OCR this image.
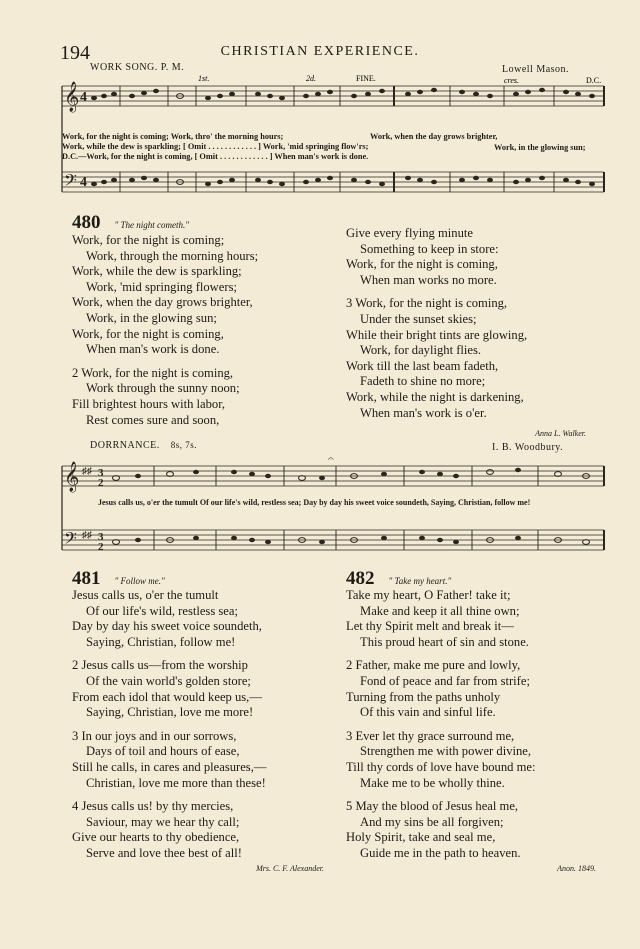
194	CHRISTIAN EXPERIENCE.
WORK SONG. P. M.	Lowell Mason.
𝄞
𝄢
4
4
1st.	2d.	FINE.	cres.	D.C.
Work, for the night is coming; Work, thro' the morning hours;
Work, while the dew is sparkling; [ Omit . . . . . . . . . . . . ] Work, 'mid springing flow'rs;
D.C.—Work, for the night is coming, [ Omit . . . . . . . . . . . . ] When man's work is done.
Work, when the day grows brighter,
Work, in the glowing sun;
480 " The night cometh."
Work, for the night is coming;
Work, through the morning hours;
Work, while the dew is sparkling;
Work, 'mid springing flowers;
Work, when the day grows brighter,
Work, in the glowing sun;
Work, for the night is coming,
When man's work is done.
2 Work, for the night is coming,
Work through the sunny noon;
Fill brightest hours with labor,
Rest comes sure and soon,
Give every flying minute
Something to keep in store:
Work, for the night is coming,
When man works no more.
3 Work, for the night is coming,
Under the sunset skies;
While their bright tints are glowing,
Work, for daylight flies.
Work till the last beam fadeth,
Fadeth to shine no more;
Work, while the night is darkening,
When man's work is o'er.
Anna L. Walker.
DORRNANCE. 8s, 7s.	I. B. Woodbury.
𝄞
𝄢
♯♯
♯♯
3
2
3
2
𝄐
Jesus calls us, o'er the tumult Of our life's wild, restless sea; Day by day his sweet voice soundeth, Saying, Christian, follow me!
481 " Follow me."
Jesus calls us, o'er the tumult
Of our life's wild, restless sea;
Day by day his sweet voice soundeth,
Saying, Christian, follow me!
2 Jesus calls us—from the worship
Of the vain world's golden store;
From each idol that would keep us,—
Saying, Christian, love me more!
3 In our joys and in our sorrows,
Days of toil and hours of ease,
Still he calls, in cares and pleasures,—
Christian, love me more than these!
4 Jesus calls us! by thy mercies,
Saviour, may we hear thy call;
Give our hearts to thy obedience,
Serve and love thee best of all!
Mrs. C. F. Alexander.
482 " Take my heart."
Take my heart, O Father! take it;
Make and keep it all thine own;
Let thy Spirit melt and break it—
This proud heart of sin and stone.
2 Father, make me pure and lowly,
Fond of peace and far from strife;
Turning from the paths unholy
Of this vain and sinful life.
3 Ever let thy grace surround me,
Strengthen me with power divine,
Till thy cords of love have bound me:
Make me to be wholly thine.
5 May the blood of Jesus heal me,
And my sins be all forgiven;
Holy Spirit, take and seal me,
Guide me in the path to heaven.
Anon. 1849.
